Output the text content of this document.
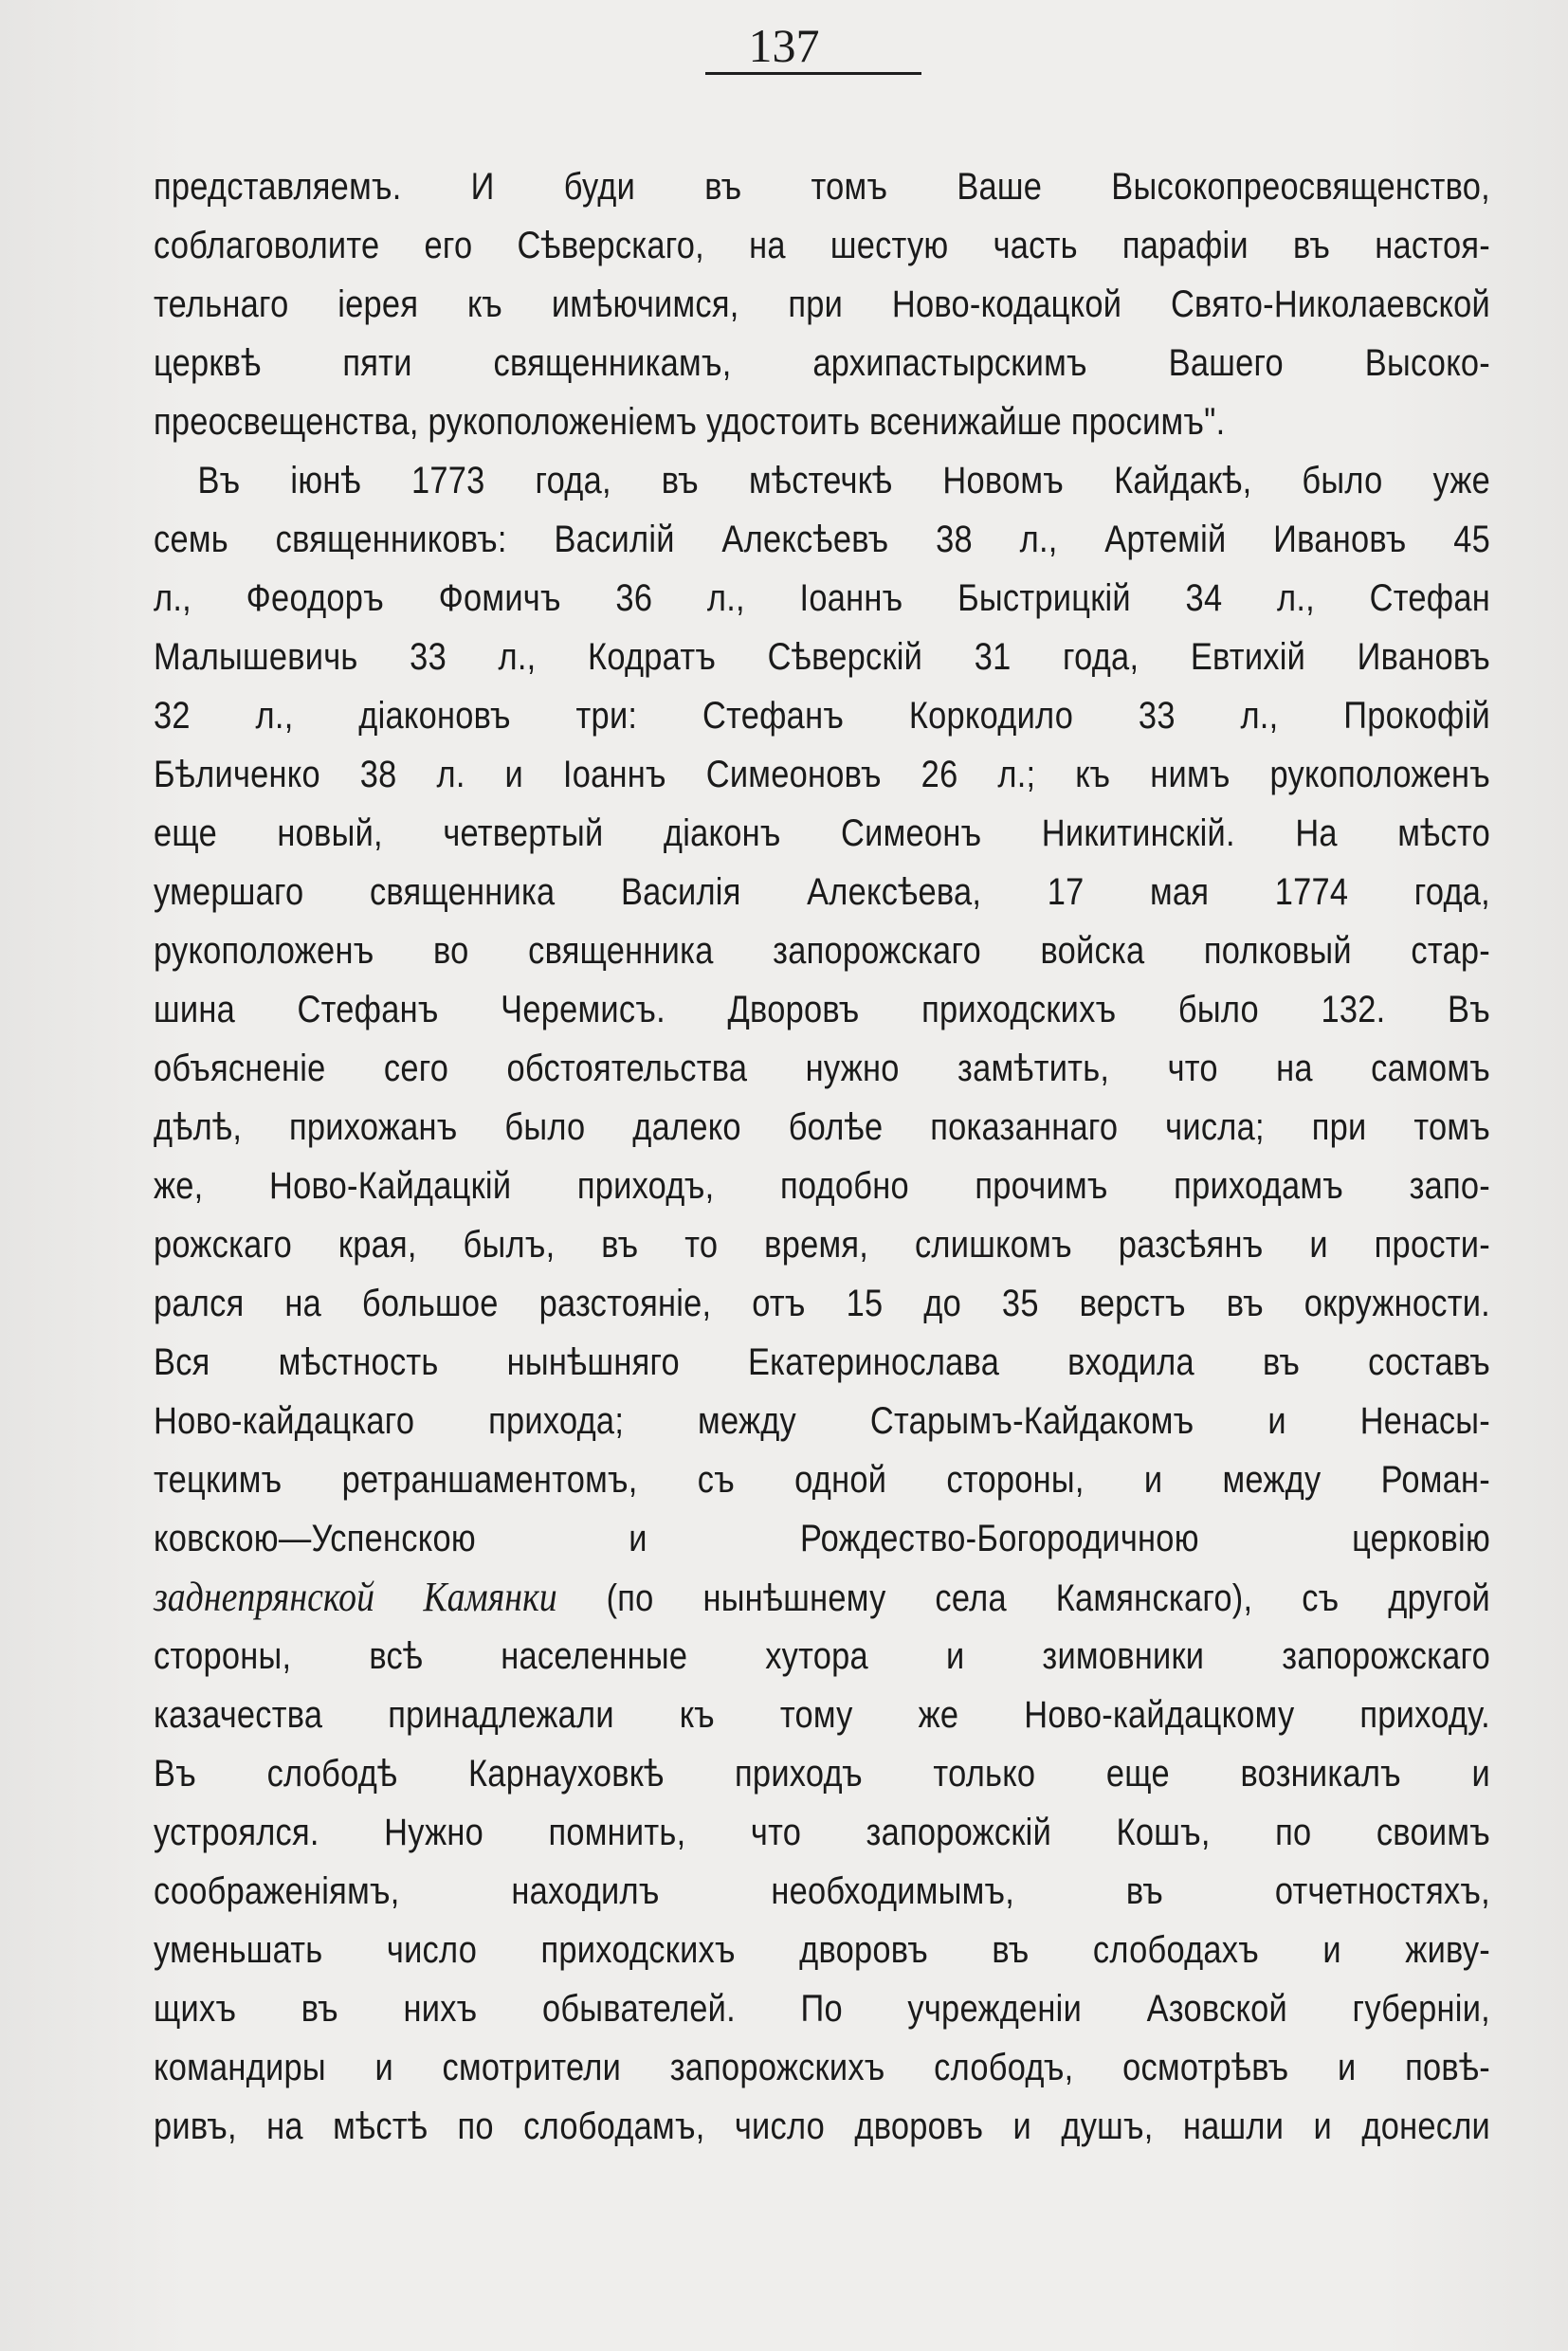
137
представляемъ. И буди въ томъ Ваше Высокопреосвященство,
соблаговолите его Сѣверскаго, на шестую часть парафіи въ настоя-
тельнаго іерея къ имѣючимся, при Ново-кодацкой Свято-Николаевской
церквѣ пяти священникамъ, архипастырскимъ Вашего Высоко-
преосвещенства, рукоположенiемъ удостоить всенижайше просимъ".
Въ іюнѣ 1773 года, въ мѣстечкѣ Новомъ Кайдакѣ, было уже
семь священниковъ: Василій Алексѣевъ 38 л., Артемій Ивановъ 45
л., Феодоръ Фомичъ 36 л., Іоаннъ Быстрицкій 34 л., Стефан
Малышевичь 33 л., Кодратъ Сѣверскій 31 года, Евтихій Ивановъ
32 л., діаконовъ три: Стефанъ Коркодило 33 л., Прокофій
Бѣличенко 38 л. и Іоаннъ Симеоновъ 26 л.; къ нимъ рукоположенъ
еще новый, четвертый діаконъ Симеонъ Никитинскій. На мѣсто
умершаго священника Василія Алексѣева, 17 мая 1774 года,
рукоположенъ во священника запорожскаго войска полковый стар-
шина Стефанъ Черемисъ. Дворовъ приходскихъ было 132. Въ
объясненіе сего обстоятельства нужно замѣтить, что на самомъ
дѣлѣ, прихожанъ было далеко болѣе показаннаго числа; при томъ
же, Ново-Кайдацкій приходъ, подобно прочимъ приходамъ запо-
рожскаго края, былъ, въ то время, слишкомъ разсѣянъ и прости-
рался на большое разстояніе, отъ 15 до 35 верстъ въ окружности.
Вся мѣстность нынѣшняго Екатеринослава входила въ составъ
Ново-кайдацкаго прихода; между Старымъ-Кайдакомъ и Ненасы-
тецкимъ ретраншаментомъ, съ одной стороны, и между Роман-
ковскою—Успенскою и Рождество-Богородичною церковію
заднепрянской Камянки (по нынѣшнему села Камянскаго), съ другой
стороны, всѣ населенные хутора и зимовники запорожскаго
казачества принадлежали къ тому же Ново-кайдацкому приходу.
Въ слободѣ Карнауховкѣ приходъ только еще возникалъ и
устроялся. Нужно помнить, что запорожскій Кошъ, по своимъ
соображеніямъ, находилъ необходимымъ, въ отчетностяхъ,
уменьшать число приходскихъ дворовъ въ слободахъ и живу-
щихъ въ нихъ обывателей. По учрежденіи Азовской губерніи,
командиры и смотрители запорожскихъ слободъ, осмотрѣвъ и повѣ-
ривъ, на мѣстѣ по слободамъ, число дворовъ и душъ, нашли и донесли
